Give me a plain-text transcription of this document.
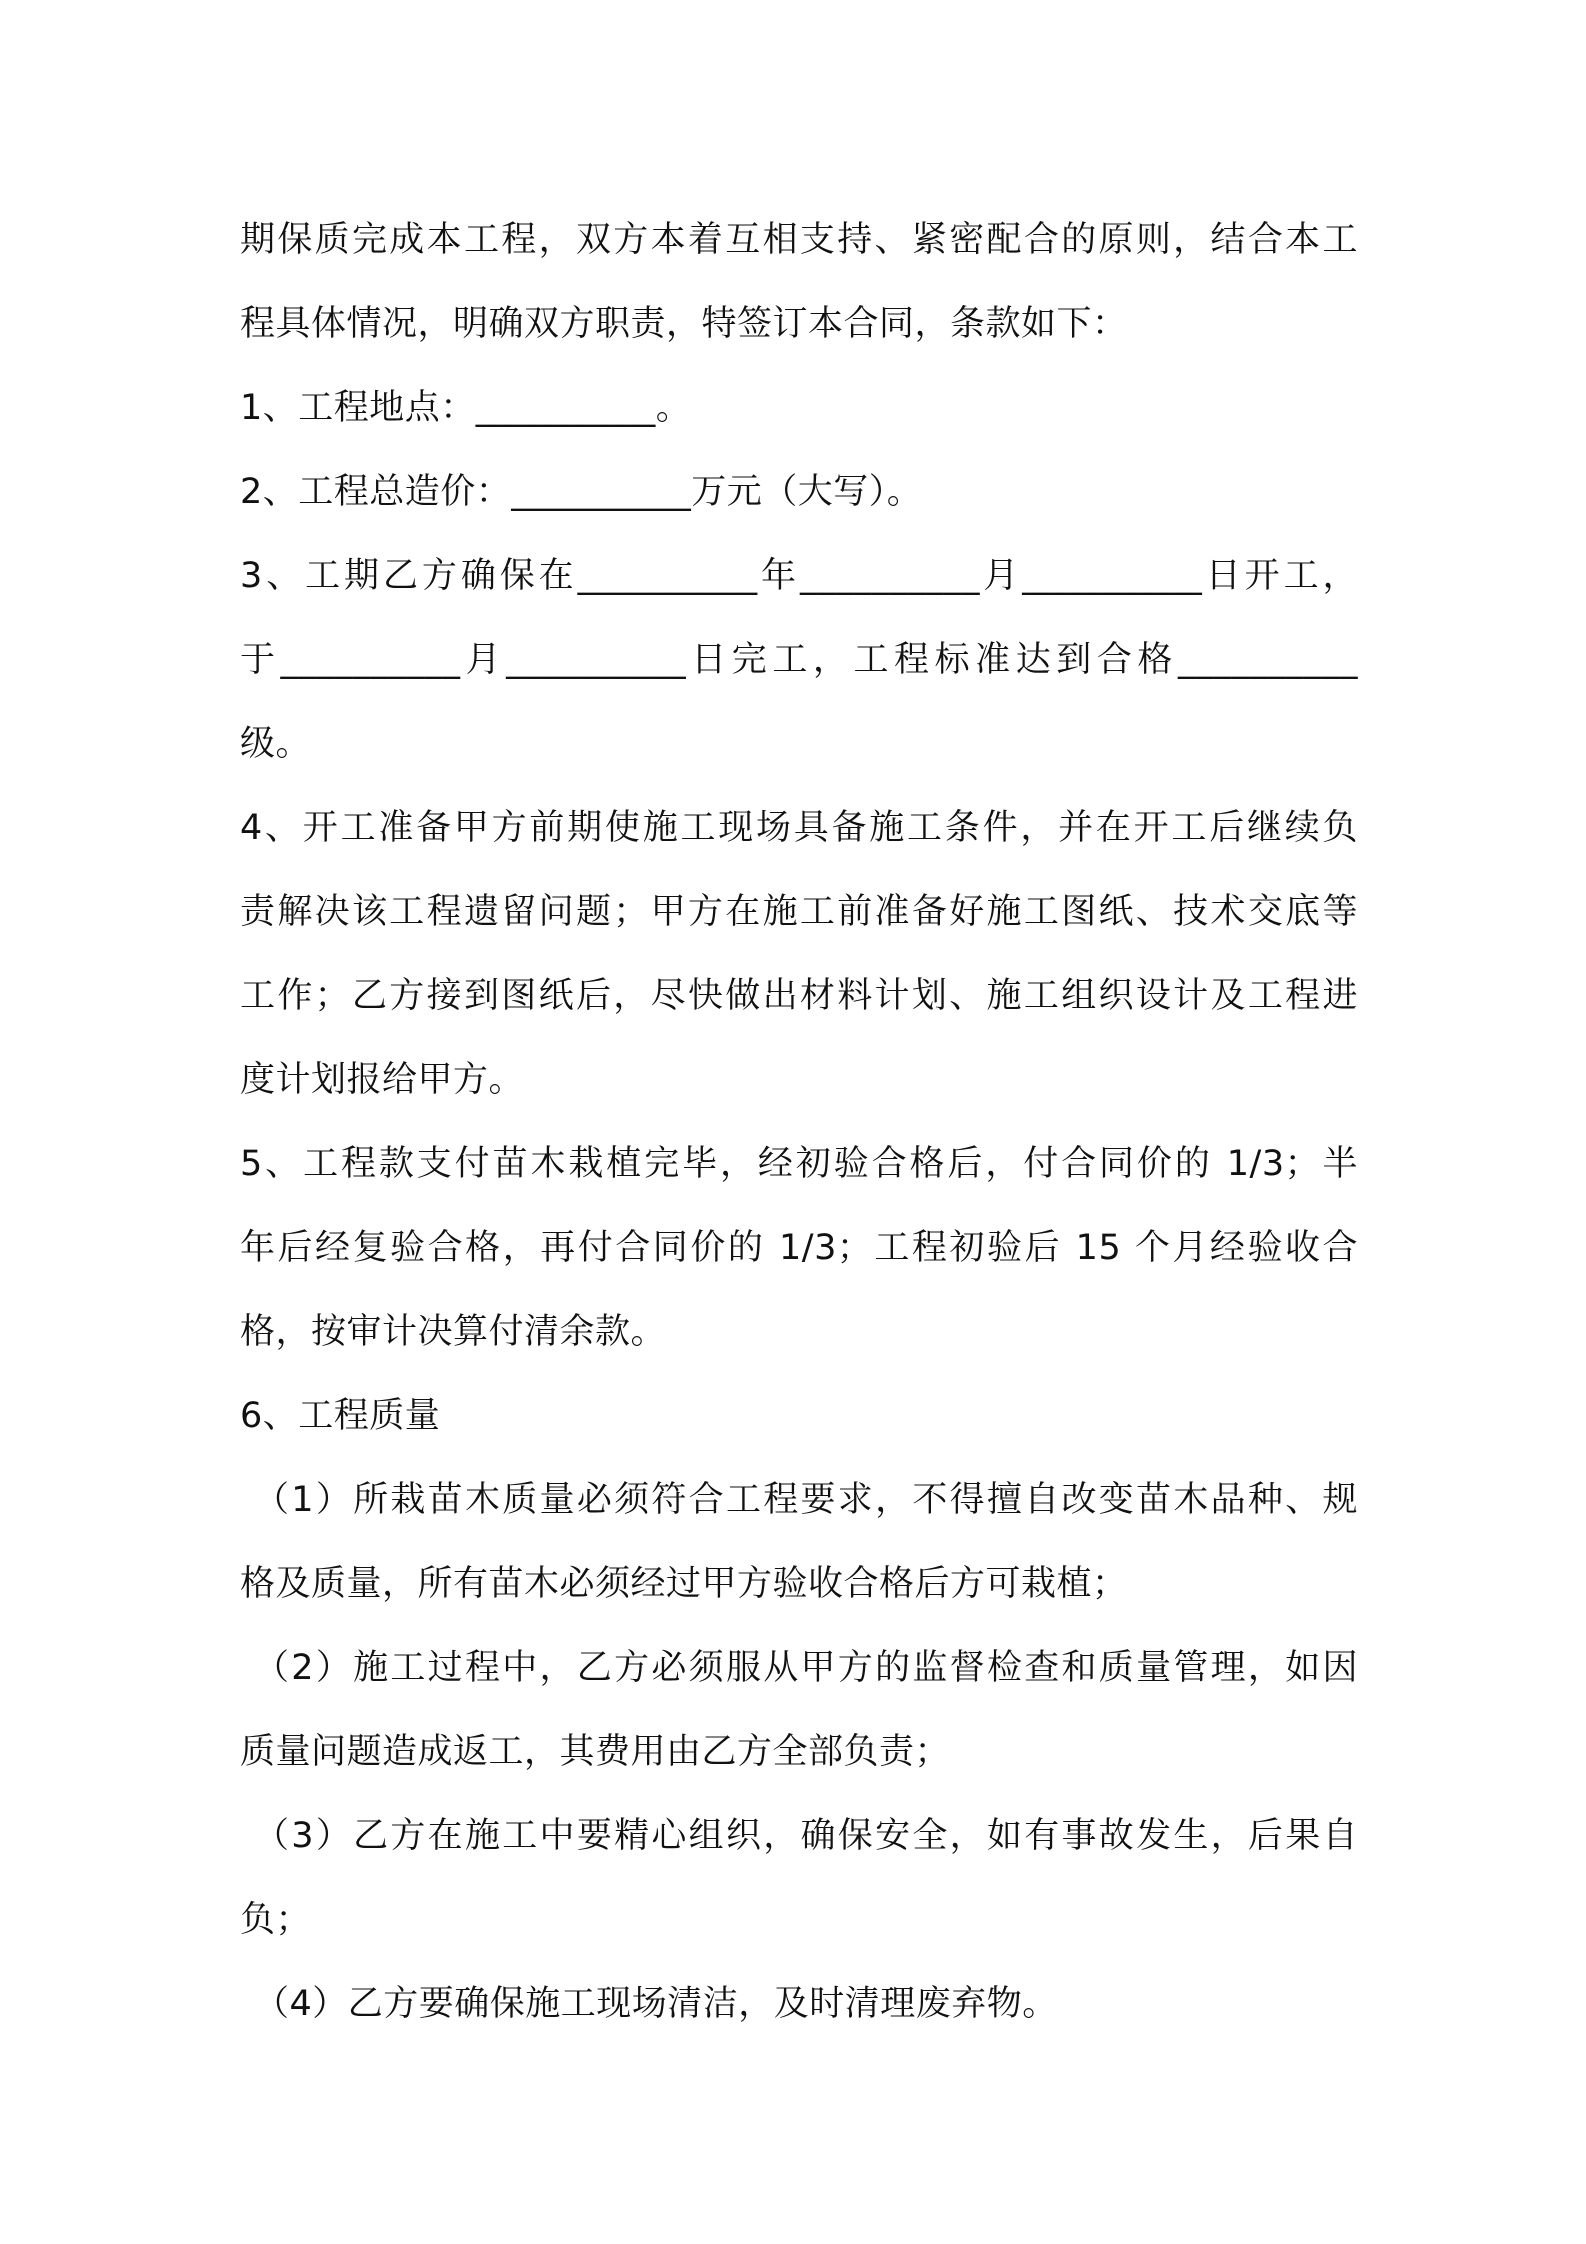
期保质完成本工程，双方本着互相支持、紧密配合的原则，结合本工
程具体情况，明确双方职责，特签订本合同，条款如下：
1、工程地点：__________。
2、工程总造价：__________万元（大写）。
3、工期乙方确保在__________年__________月__________日开工，
于__________月__________日完工，工程标准达到合格__________
级。
4、开工准备甲方前期使施工现场具备施工条件，并在开工后继续负
责解决该工程遗留问题；甲方在施工前准备好施工图纸、技术交底等
工作；乙方接到图纸后，尽快做出材料计划、施工组织设计及工程进
度计划报给甲方。
5、工程款支付苗木栽植完毕，经初验合格后，付合同价的 1/3；半
年后经复验合格，再付合同价的 1/3；工程初验后 15 个月经验收合
格，按审计决算付清余款。
6、工程质量
（1）所栽苗木质量必须符合工程要求，不得擅自改变苗木品种、规
格及质量，所有苗木必须经过甲方验收合格后方可栽植；
（2）施工过程中，乙方必须服从甲方的监督检查和质量管理，如因
质量问题造成返工，其费用由乙方全部负责；
（3）乙方在施工中要精心组织，确保安全，如有事故发生，后果自
负；
（4）乙方要确保施工现场清洁，及时清理废弃物。
